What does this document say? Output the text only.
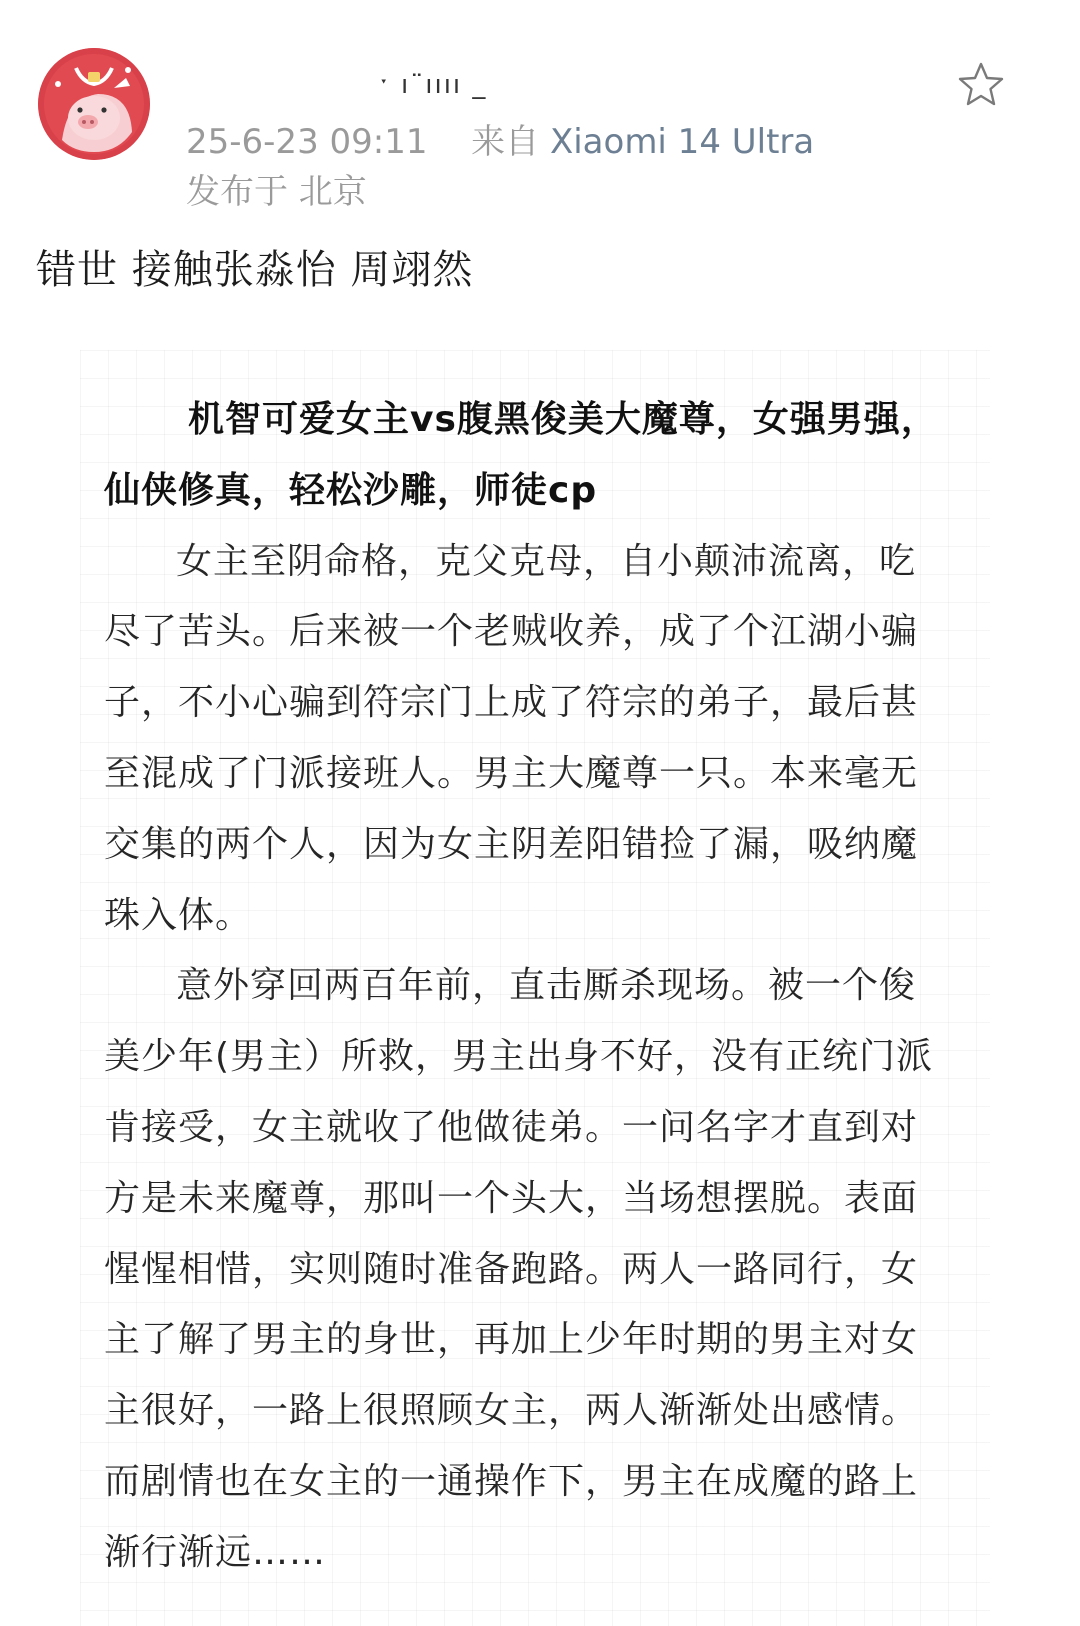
ˑ ı¨ıııı _
25-6-23 09:11 来自 Xiaomi 14 Ultra
发布于 北京
错世 接触张淼怡 周翊然

机智可爱女主vs腹黑俊美大魔尊，女强男强，仙侠修真，轻松沙雕，师徒cp

女主至阴命格，克父克母，自小颠沛流离，吃尽了苦头。后来被一个老贼收养，成了个江湖小骗子，不小心骗到符宗门上成了符宗的弟子，最后甚至混成了门派接班人。男主大魔尊一只。本来毫无交集的两个人，因为女主阴差阳错捡了漏，吸纳魔珠入体。

意外穿回两百年前，直击厮杀现场。被一个俊美少年(男主）所救，男主出身不好，没有正统门派肯接受，女主就收了他做徒弟。一问名字才直到对方是未来魔尊，那叫一个头大，当场想摆脱。表面惺惺相惜，实则随时准备跑路。两人一路同行，女主了解了男主的身世，再加上少年时期的男主对女主很好，一路上很照顾女主，两人渐渐处出感情。而剧情也在女主的一通操作下，男主在成魔的路上渐行渐远……
